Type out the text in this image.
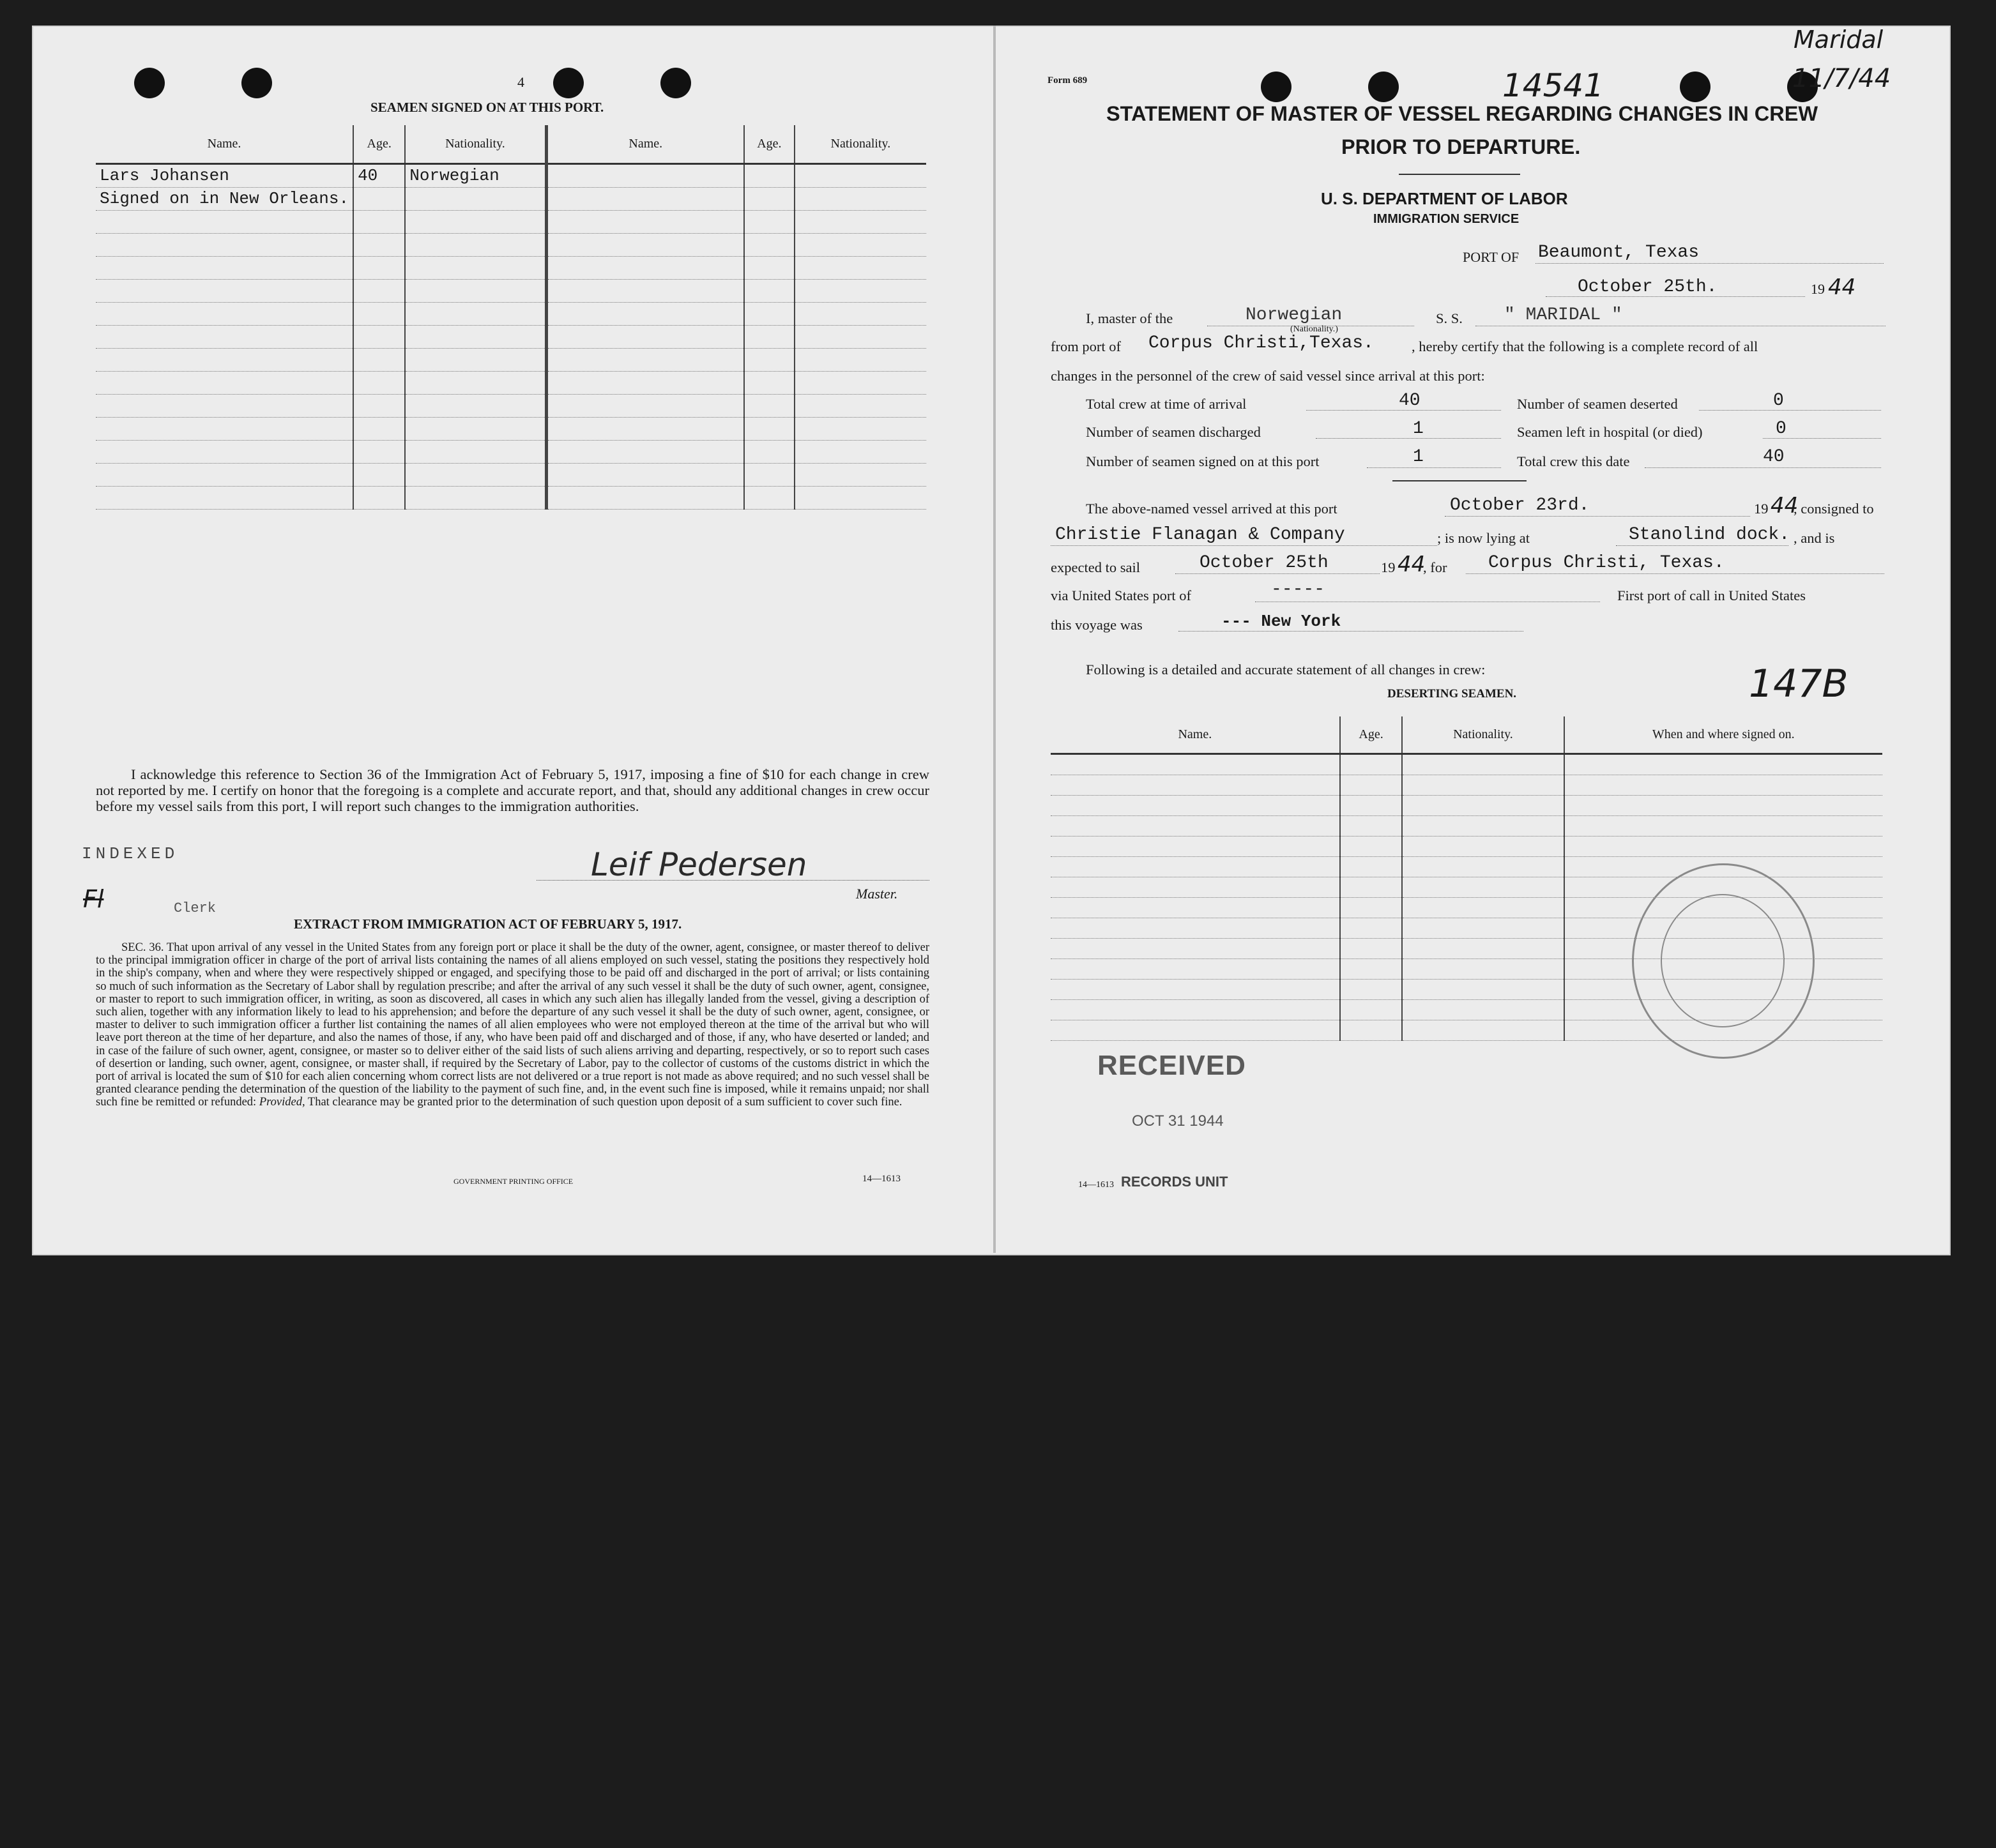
4
SEAMEN SIGNED ON AT THIS PORT.
Name.	Age.	Nationality.	Name.	Age.	Nationality.
Lars Johansen	40	Norwegian			
Signed on in New Orleans.					

I acknowledge this reference to Section 36 of the Immigration Act of February 5, 1917, imposing a fine of $10 for each change in crew not reported by me. I certify on honor that the foregoing is a complete and accurate report, and that, should any additional changes in crew occur before my vessel sails from this port, I will report such changes to the immigration authorities.
INDEXED
Fl	Clerk
Leif Pedersen
Master.
EXTRACT FROM IMMIGRATION ACT OF FEBRUARY 5, 1917.
SEC. 36. That upon arrival of any vessel in the United States from any foreign port or place it shall be the duty of the owner, agent, consignee, or master thereof to deliver to the principal immigration officer in charge of the port of arrival lists containing the names of all aliens employed on such vessel, stating the positions they respectively hold in the ship's company, when and where they were respectively shipped or engaged, and specifying those to be paid off and discharged in the port of arrival; or lists containing so much of such information as the Secretary of Labor shall by regulation prescribe; and after the arrival of any such vessel it shall be the duty of such owner, agent, consignee, or master to report to such immigration officer, in writing, as soon as discovered, all cases in which any such alien has illegally landed from the vessel, giving a description of such alien, together with any information likely to lead to his apprehension; and before the departure of any such vessel it shall be the duty of such owner, agent, consignee, or master to deliver to such immigration officer a further list containing the names of all alien employees who were not employed thereon at the time of the arrival but who will leave port thereon at the time of her departure, and also the names of those, if any, who have been paid off and discharged and of those, if any, who have deserted or landed; and in case of the failure of such owner, agent, consignee, or master so to deliver either of the said lists of such aliens arriving and departing, respectively, or so to report such cases of desertion or landing, such owner, agent, consignee, or master shall, if required by the Secretary of Labor, pay to the collector of customs of the customs district in which the port of arrival is located the sum of $10 for each alien concerning whom correct lists are not delivered or a true report is not made as above required; and no such vessel shall be granted clearance pending the determination of the question of the liability to the payment of such fine, and, in the event such fine is imposed, while it remains unpaid; nor shall such fine be remitted or refunded: Provided, That clearance may be granted prior to the determination of such question upon deposit of a sum sufficient to cover such fine.
GOVERNMENT PRINTING OFFICE	14—1613
Form 689	14541
Maridal
11/7/44
STATEMENT OF MASTER OF VESSEL REGARDING CHANGES IN CREW
PRIOR TO DEPARTURE.
U. S. DEPARTMENT OF LABOR
IMMIGRATION SERVICE
PORT OF Beaumont, Texas
October 25th.	19 44
I, master of the	Norwegian
(Nationality.)
S. S. " MARIDAL "
from port of Corpus Christi,Texas.	, hereby certify that the following is a complete record of all
changes in the personnel of the crew of said vessel since arrival at this port:
Total crew at time of arrival	40	Number of seamen deserted	0
Number of seamen discharged	1	Seamen left in hospital (or died)	0
Number of seamen signed on at this port	1	Total crew this date	40
The above-named vessel arrived at this port	October 23rd.	19 44
, consigned to
Christie Flanagan & Company	; is now lying at	Stanolind dock. , and is
expected to sail	October 25th	19 44
, for Corpus Christi, Texas.
via United States port of	-----	First port of call in United States
this voyage was	--- New York
Following is a detailed and accurate statement of all changes in crew:
DESERTING SEAMEN.	147B
Name.	Age.	Nationality.	When and where signed on.

RECEIVED
OCT 31 1944
14—1613 RECORDS UNIT
